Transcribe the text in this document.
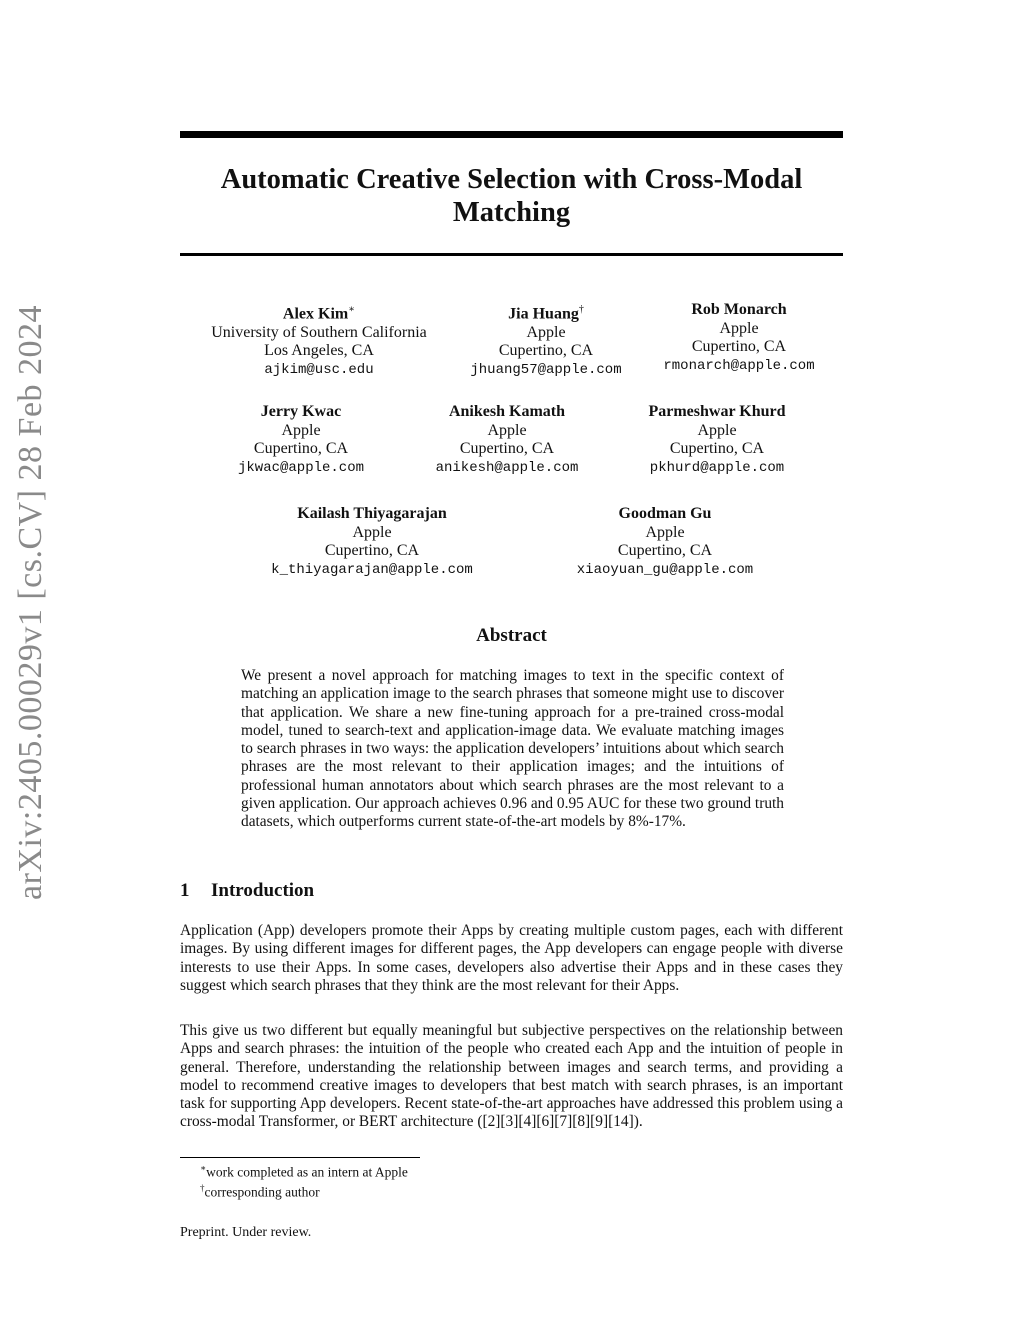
arXiv:2405.00029v1 [cs.CV] 28 Feb 2024
Automatic Creative Selection with Cross-Modal
Matching
Alex Kim∗
University of Southern California
Los Angeles, CA
ajkim@usc.edu
Jia Huang†
Apple
Cupertino, CA
jhuang57@apple.com
Rob Monarch
Apple
Cupertino, CA
rmonarch@apple.com
Jerry Kwac
Apple
Cupertino, CA
jkwac@apple.com
Anikesh Kamath
Apple
Cupertino, CA
anikesh@apple.com
Parmeshwar Khurd
Apple
Cupertino, CA
pkhurd@apple.com
Kailash Thiyagarajan
Apple
Cupertino, CA
k_thiyagarajan@apple.com
Goodman Gu
Apple
Cupertino, CA
xiaoyuan_gu@apple.com
Abstract
We present a novel approach for matching images to text in the specific context of matching an application image to the search phrases that someone might use to discover that application. We share a new fine-tuning approach for a pre-trained cross-modal model, tuned to search-text and application-image data. We evaluate matching images to search phrases in two ways: the application developers’ intuitions about which search phrases are the most relevant to their application images; and the intuitions of professional human annotators about which search phrases are the most relevant to a given application. Our approach achieves 0.96 and 0.95 AUC for these two ground truth datasets, which outperforms current state-of-the-art models by 8%-17%.
1 Introduction
Application (App) developers promote their Apps by creating multiple custom pages, each with different images. By using different images for different pages, the App developers can engage people with diverse interests to use their Apps. In some cases, developers also advertise their Apps and in these cases they suggest which search phrases that they think are the most relevant for their Apps.
This give us two different but equally meaningful but subjective perspectives on the relationship between Apps and search phrases: the intuition of the people who created each App and the intuition of people in general. Therefore, understanding the relationship between images and search terms, and providing a model to recommend creative images to developers that best match with search phrases, is an important task for supporting App developers. Recent state-of-the-art approaches have addressed this problem using a cross-modal Transformer, or BERT architecture ([2][3][4][6][7][8][9][14]).
∗work completed as an intern at Apple
†corresponding author
Preprint. Under review.
